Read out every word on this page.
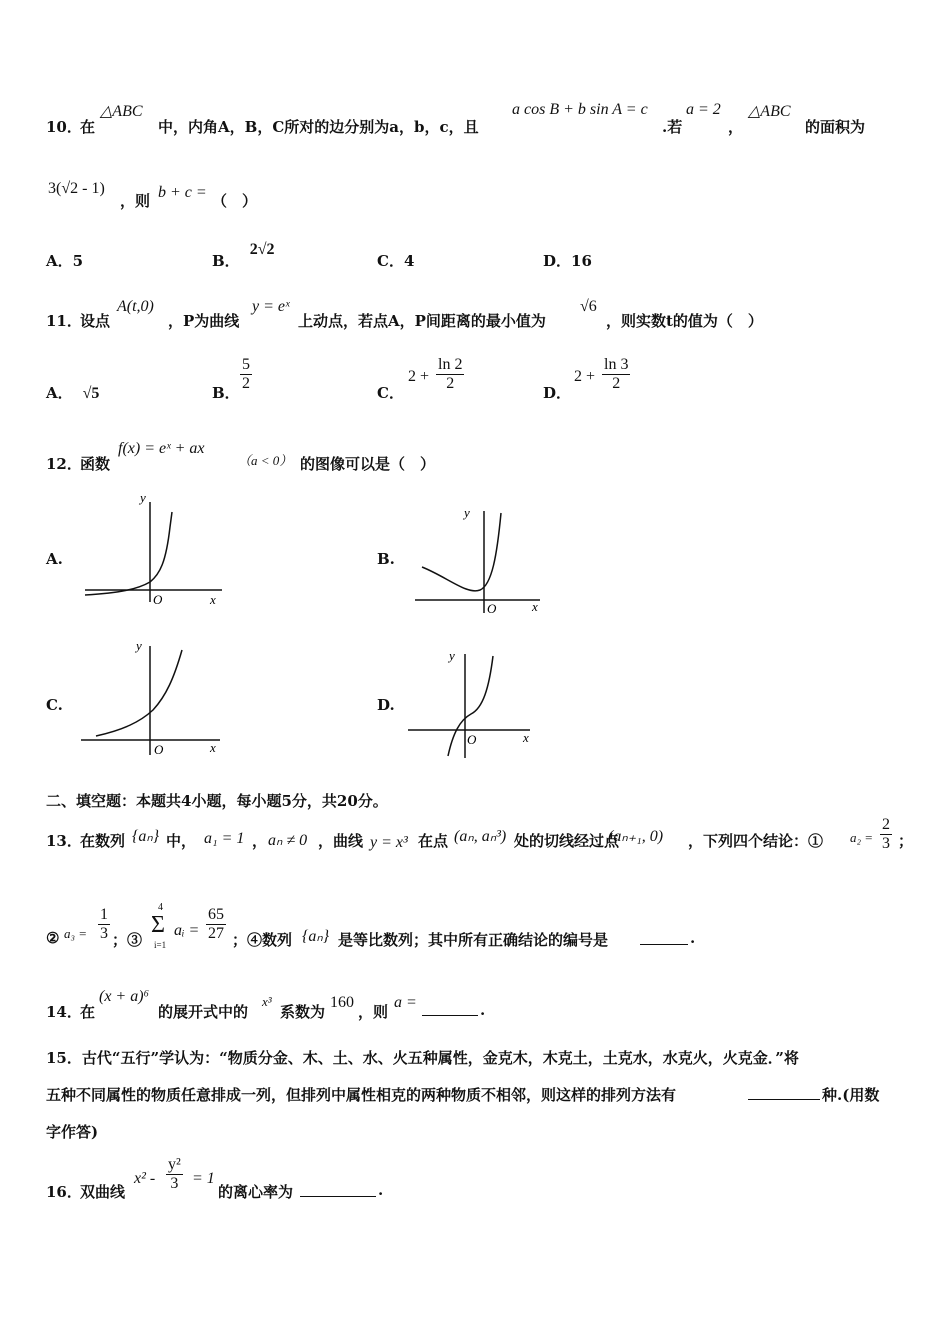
10．
在
△ABC
中，内角A，B，C所对的边分别为a，b，c，且
a cos B + b sin A = c
.若
a = 2
，
△ABC
的面积为
3(√2 - 1)
，则 b + c = （　）
A．5	B．2√2
C．4	D．16
11．
设点
A(t,0)
，P为曲线
y = eˣ
上动点，若点A，P间距离的最小值为
√6
，则实数t的值为（　）
A． √5	B．
$\frac{5}{2}$
C．
$2 + \frac{\ln 2}{2}$
D．
$2 + \frac{\ln 3}{2}$
12．
函数
f(x) = eˣ + ax
（a < 0） 的图像可以是（　）
A.	B.
C.	D.
y
x
O
y
x
O
y
x
O
y
x
O
二、填空题：本题共4小题，每小题5分，共20分。
13．
在数列 {aₙ} 中， a₁ = 1 ， aₙ ≠ 0 ，曲线 y = x³ 在点 (aₙ, aₙ³) 处的切线经过点
(aₙ₊₁, 0) ，下列四个结论：① $a_2 = \frac{2}{3}$ ；
② $a_3 = \frac{1}{3}$ ；③
4
Σ
i=1
aᵢ = $\frac{65}{27}$ ；④数列 {aₙ} 是等比数列；其中所有正确结论的编号是	.
14．
在
(x + a)⁶
的展开式中的
x³
系数为
160
，则
a =	.
15．古代“五行”学认为：“物质分金、木、土、水、火五种属性，金克木，木克土，土克水，水克火，火克金．”将
五种不同属性的物质任意排成一列，但排列中属性相克的两种物质不相邻，则这样的排列方法有	种.(用数
字作答)
16．
双曲线
$x^2 - \frac{\text{y²}}{3} = 1$
的离心率为	.
